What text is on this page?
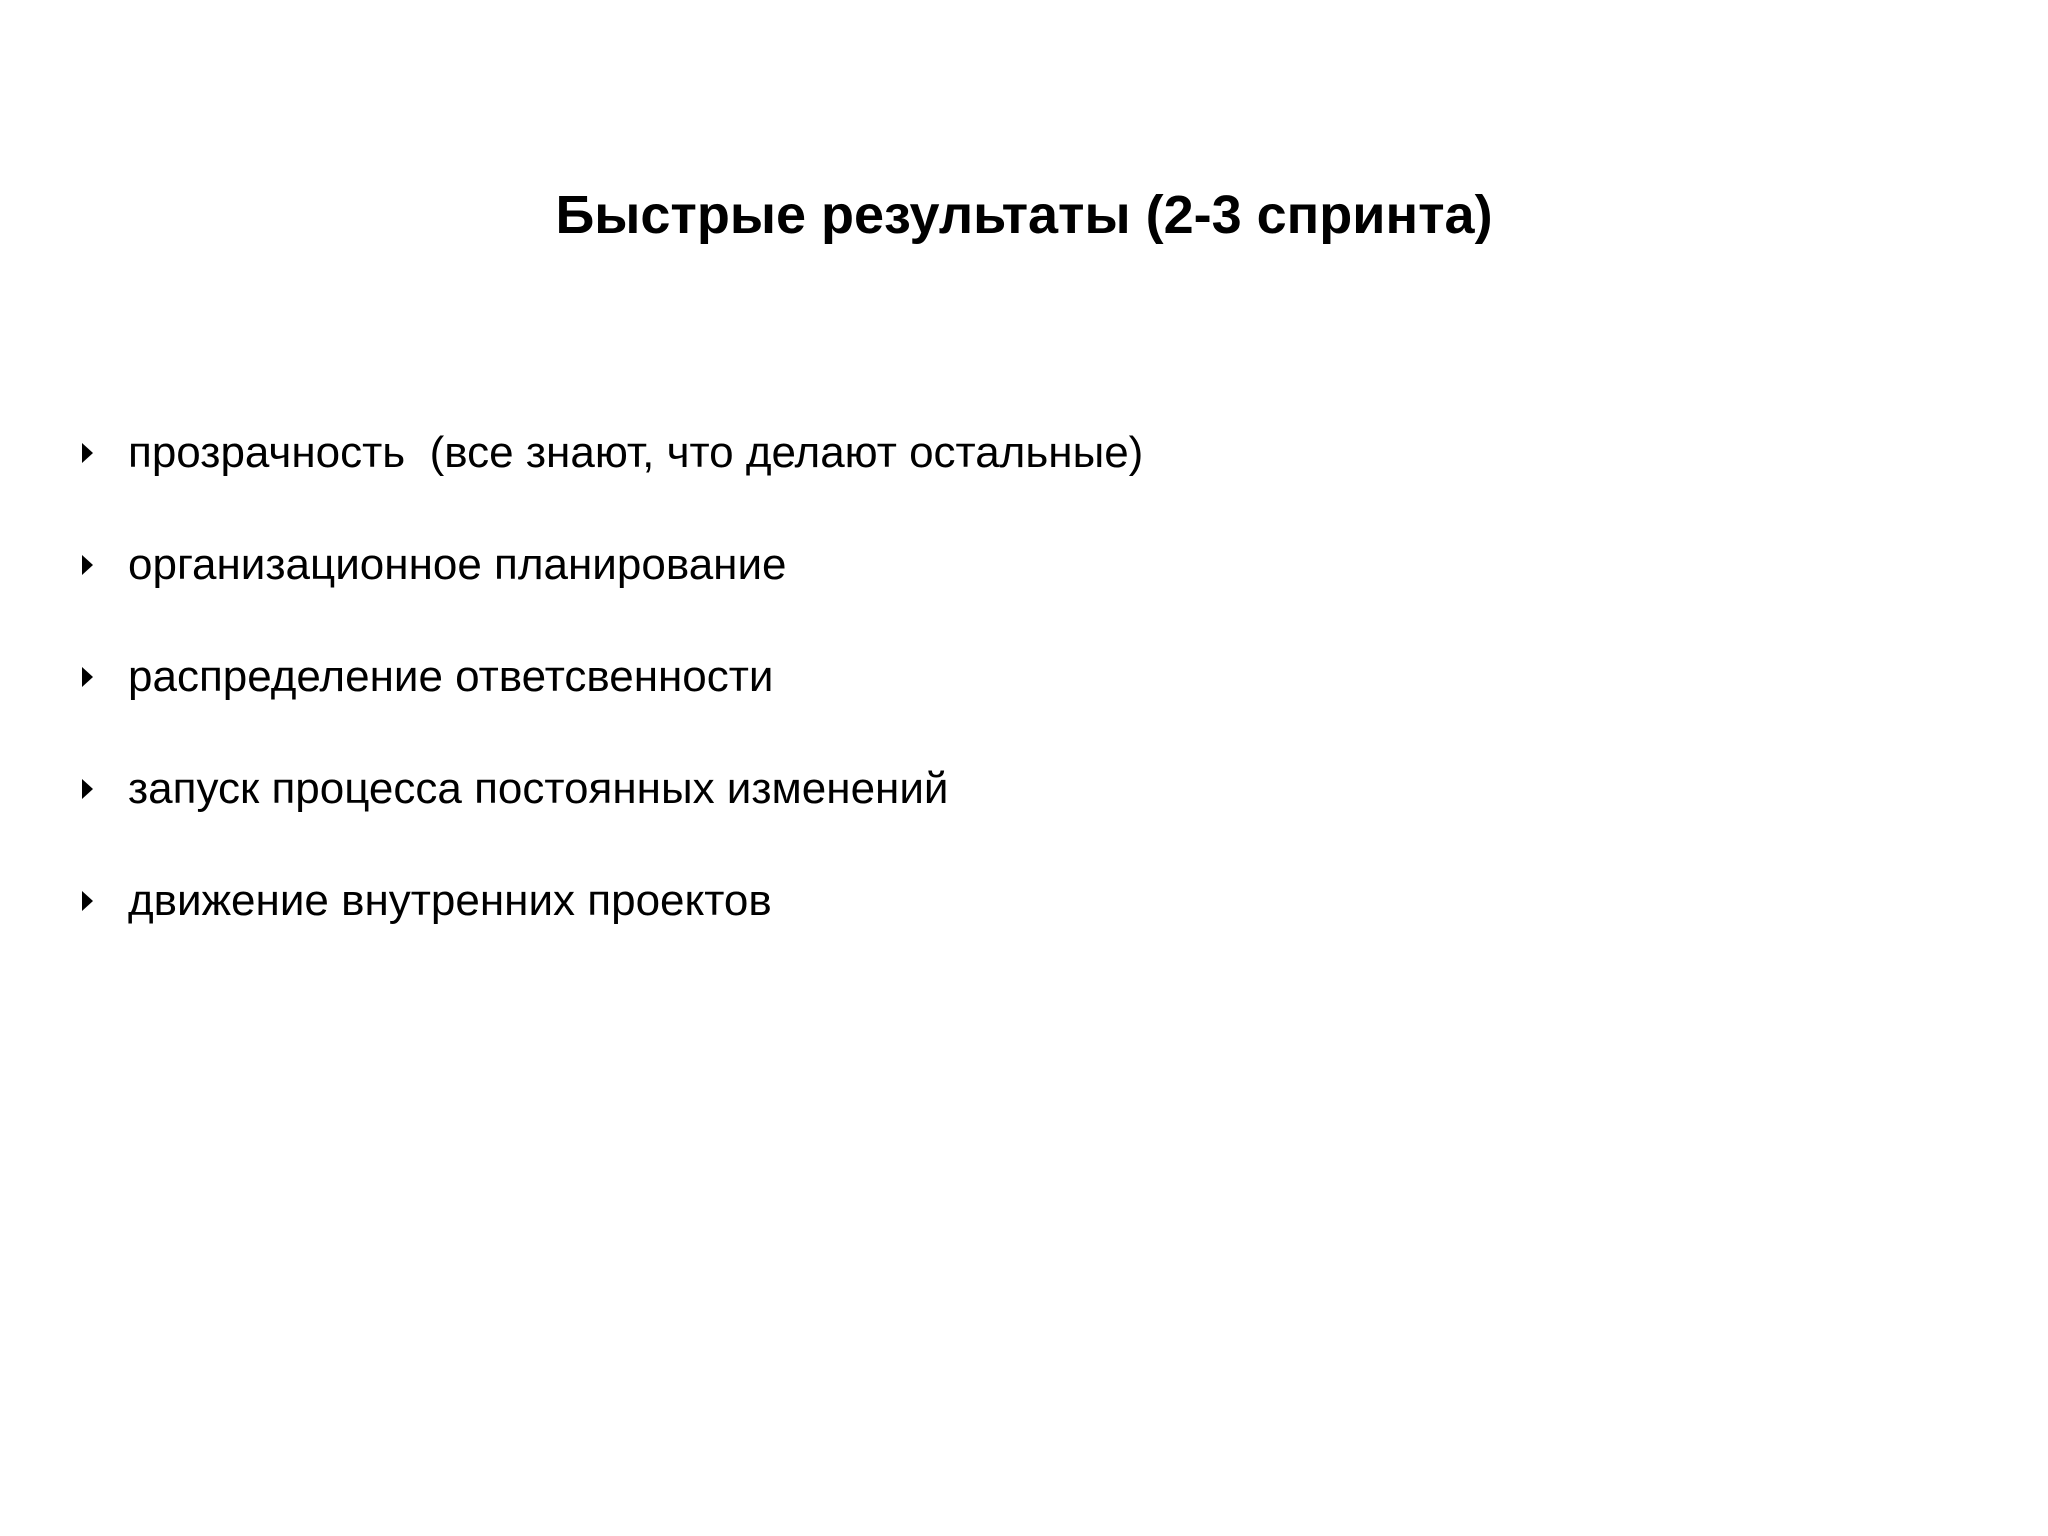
Быстрые результаты (2-3 спринта)
прозрачность  (все знают, что делают остальные)
организационное планирование
распределение ответсвенности
запуск процесса постоянных изменений
движение внутренних проектов
